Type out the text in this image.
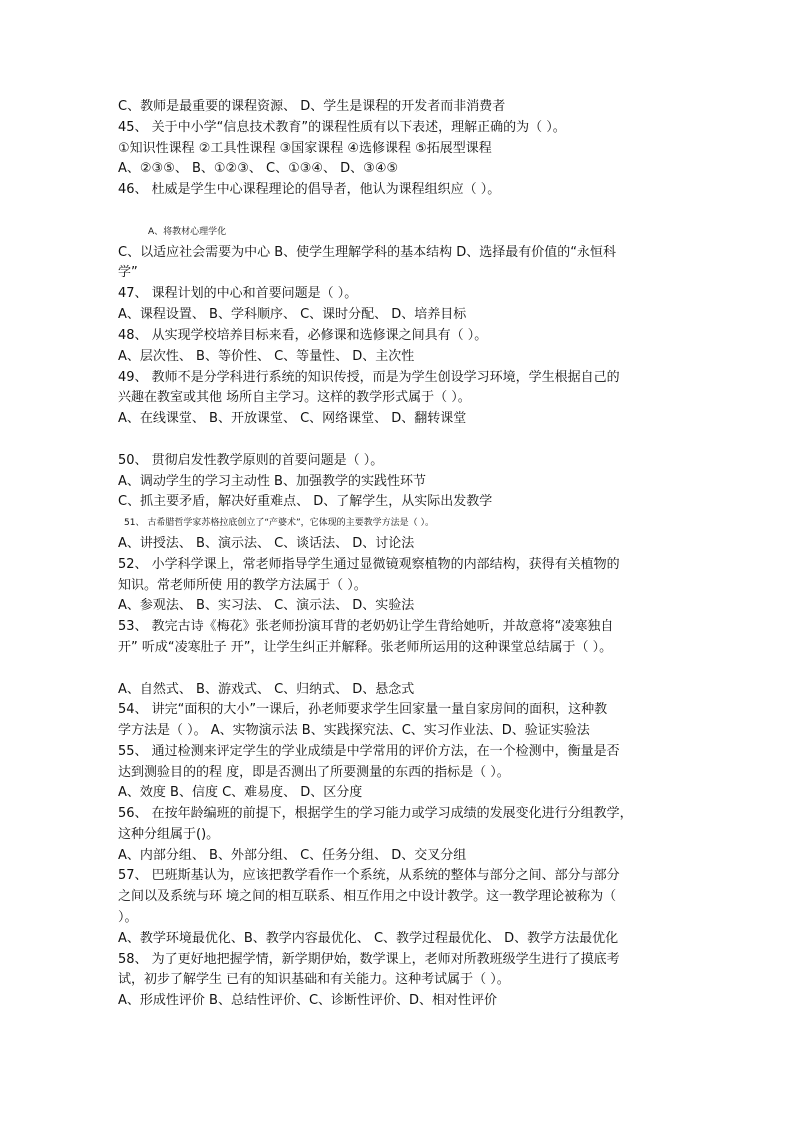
C、教师是最重要的课程资源、 D、学生是课程的开发者而非消费者
45、 关于中小学“信息技术教育”的课程性质有以下表述，理解正确的为（ ）。
①知识性课程 ②工具性课程 ③国家课程 ④选修课程 ⑤拓展型课程
A、②③⑤、 B、①②③、 C、①③④、 D、③④⑤
46、 杜威是学生中心课程理论的倡导者，他认为课程组织应（ ）。
A、将教材心理学化
C、以适应社会需要为中心 B、使学生理解学科的基本结构 D、选择最有价值的“永恒科
学”
47、 课程计划的中心和首要问题是（ ）。
A、课程设置、 B、学科顺序、 C、课时分配、 D、培养目标
48、 从实现学校培养目标来看，必修课和选修课之间具有（ ）。
A、层次性、 B、等价性、 C、等量性、 D、主次性
49、 教师不是分学科进行系统的知识传授，而是为学生创设学习环境，学生根据自己的
兴趣在教室或其他 场所自主学习。这样的教学形式属于（ ）。
A、在线课堂、 B、开放课堂、 C、网络课堂、 D、翻转课堂
50、 贯彻启发性教学原则的首要问题是（ ）。
A、调动学生的学习主动性 B、加强教学的实践性环节
C、抓主要矛盾，解决好重难点、 D、了解学生，从实际出发教学
51、 古希腊哲学家苏格拉底创立了“产婆术”，它体现的主要教学方法是（ ）。
A、讲授法、 B、演示法、 C、谈话法、 D、讨论法
52、 小学科学课上，常老师指导学生通过显微镜观察植物的内部结构，获得有关植物的
知识。常老师所使 用的教学方法属于（ ）。
A、参观法、 B、实习法、 C、演示法、 D、实验法
53、 教完古诗《梅花》张老师扮演耳背的老奶奶让学生背给她听，并故意将“凌寒独自
开” 听成“凌寒肚子 开”，让学生纠正并解释。张老师所运用的这种课堂总结属于（ ）。
A、自然式、 B、游戏式、 C、归纳式、 D、悬念式
54、 讲完“面积的大小”一课后，孙老师要求学生回家量一量自家房间的面积，这种教
学方法是（ ）。 A、实物演示法 B、实践探究法、C、实习作业法、D、验证实验法
55、 通过检测来评定学生的学业成绩是中学常用的评价方法，在一个检测中，衡量是否
达到测验目的的程 度，即是否测出了所要测量的东西的指标是（ ）。
A、效度 B、信度 C、难易度、 D、区分度
56、 在按年龄编班的前提下，根据学生的学习能力或学习成绩的发展变化进行分组教学，
这种分组属于()。
A、内部分组、 B、外部分组、 C、任务分组、 D、交叉分组
57、 巴班斯基认为，应该把教学看作一个系统，从系统的整体与部分之间、部分与部分
之间以及系统与环 境之间的相互联系、相互作用之中设计教学。这一教学理论被称为（
）。
A、教学环境最优化、B、教学内容最优化、 C、教学过程最优化、 D、教学方法最优化
58、 为了更好地把握学情，新学期伊始，数学课上，老师对所教班级学生进行了摸底考
试，初步了解学生 已有的知识基础和有关能力。这种考试属于（ ）。
A、形成性评价 B、总结性评价、C、诊断性评价、D、相对性评价
